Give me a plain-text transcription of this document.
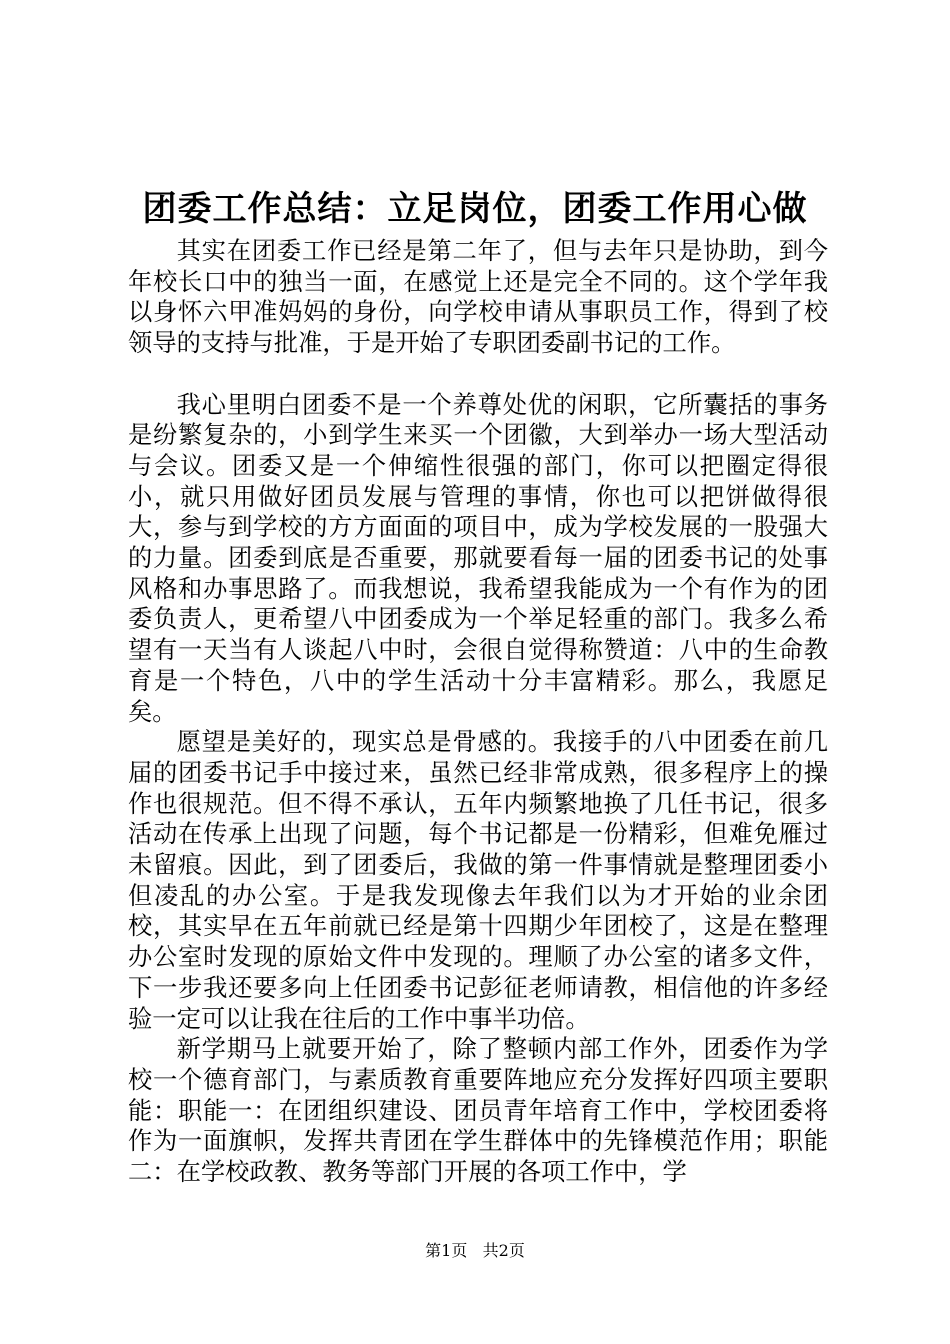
团委工作总结：立足岗位，团委工作用心做

其实在团委工作已经是第二年了，但与去年只是协助，到今年校长口中的独当一面，在感觉上还是完全不同的。这个学年我以身怀六甲准妈妈的身份，向学校申请从事职员工作，得到了校领导的支持与批准，于是开始了专职团委副书记的工作。

我心里明白团委不是一个养尊处优的闲职，它所囊括的事务是纷繁复杂的，小到学生来买一个团徽，大到举办一场大型活动与会议。团委又是一个伸缩性很强的部门，你可以把圈定得很小，就只用做好团员发展与管理的事情，你也可以把饼做得很大，参与到学校的方方面面的项目中，成为学校发展的一股强大的力量。团委到底是否重要，那就要看每一届的团委书记的处事风格和办事思路了。而我想说，我希望我能成为一个有作为的团委负责人，更希望八中团委成为一个举足轻重的部门。我多么希望有一天当有人谈起八中时，会很自觉得称赞道：八中的生命教育是一个特色，八中的学生活动十分丰富精彩。那么，我愿足矣。

愿望是美好的，现实总是骨感的。我接手的八中团委在前几届的团委书记手中接过来，虽然已经非常成熟，很多程序上的操作也很规范。但不得不承认，五年内频繁地换了几任书记，很多活动在传承上出现了问题，每个书记都是一份精彩，但难免雁过未留痕。因此，到了团委后，我做的第一件事情就是整理团委小但凌乱的办公室。于是我发现像去年我们以为才开始的业余团校，其实早在五年前就已经是第十四期少年团校了，这是在整理办公室时发现的原始文件中发现的。理顺了办公室的诸多文件，下一步我还要多向上任团委书记彭征老师请教，相信他的许多经验一定可以让我在往后的工作中事半功倍。

新学期马上就要开始了，除了整顿内部工作外，团委作为学校一个德育部门，与素质教育重要阵地应充分发挥好四项主要职能：职能一：在团组织建设、团员青年培育工作中，学校团委将作为一面旗帜，发挥共青团在学生群体中的先锋模范作用；职能二：在学校政教、教务等部门开展的各项工作中，学

第1页 共2页
